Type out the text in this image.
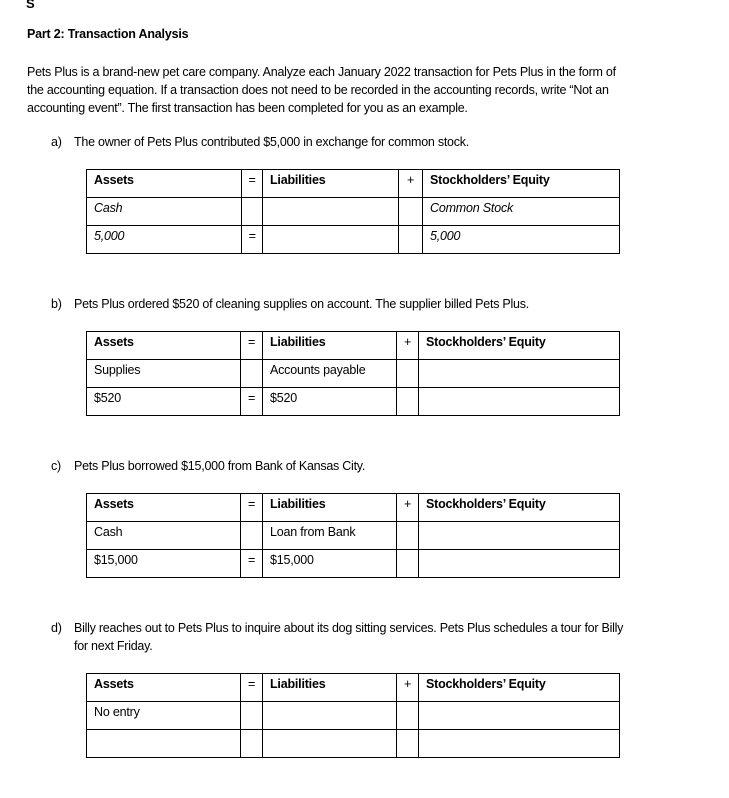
S
Part 2: Transaction Analysis
Pets Plus is a brand-new pet care company. Analyze each January 2022 transaction for Pets Plus in the form of
the accounting equation. If a transaction does not need to be recorded in the accounting records, write “Not an
accounting event”. The first transaction has been completed for you as an example.
a) The owner of Pets Plus contributed $5,000 in exchange for common stock.
Assets	=	Liabilities	+	Stockholders’ Equity
Cash				Common Stock
5,000	=			5,000
b) Pets Plus ordered $520 of cleaning supplies on account. The supplier billed Pets Plus.
Assets	=	Liabilities	+	Stockholders’ Equity
Supplies		Accounts payable		
$520	=	$520		
c) Pets Plus borrowed $15,000 from Bank of Kansas City.
Assets	=	Liabilities	+	Stockholders’ Equity
Cash		Loan from Bank		
$15,000	=	$15,000		
d) Billy reaches out to Pets Plus to inquire about its dog sitting services. Pets Plus schedules a tour for Billy
for next Friday.
Assets	=	Liabilities	+	Stockholders’ Equity
No entry				
